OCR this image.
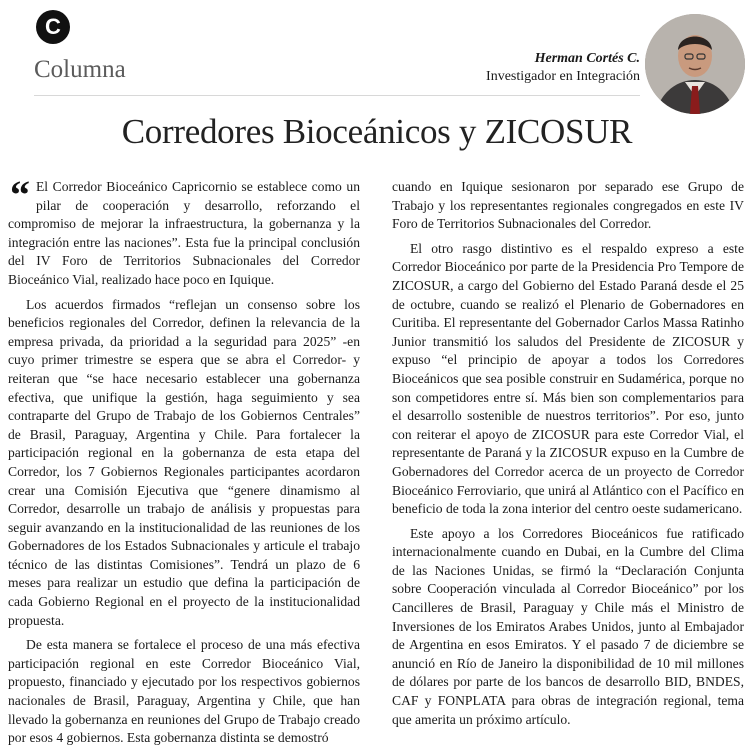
C
Columna	Herman Cortés C.
Investigador en Integración
Corredores Bioceánicos y ZICOSUR

“ El Corredor Bioceánico Capricornio se establece como un pilar de cooperación y desarrollo, reforzando el compromiso de mejorar la infraestructura, la gobernanza y la integración entre las naciones”. Esta fue la principal conclusión del IV Foro de Territorios Subnacionales del Corredor Bioceánico Vial, realizado hace poco en Iquique.

Los acuerdos firmados “reflejan un consenso sobre los beneficios regionales del Corredor, definen la relevancia de la empresa privada, da prioridad a la seguridad para 2025” -en cuyo primer trimestre se espera que se abra el Corredor- y reiteran que “se hace necesario establecer una gobernanza efectiva, que unifique la gestión, haga seguimiento y sea contraparte del Grupo de Trabajo de los Gobiernos Centrales” de Brasil, Paraguay, Argentina y Chile. Para fortalecer la participación regional en la gobernanza de esta etapa del Corredor, los 7 Gobiernos Regionales participantes acordaron crear una Comisión Ejecutiva que “genere dinamismo al Corredor, desarrolle un trabajo de análisis y propuestas para seguir avanzando en la institucionalidad de las reuniones de los Gobernadores de los Estados Subnacionales y articule el trabajo técnico de las distintas Comisiones”. Tendrá un plazo de 6 meses para realizar un estudio que defina la participación de cada Gobierno Regional en el proyecto de la institucionalidad propuesta.

De esta manera se fortalece el proceso de una más efectiva participación regional en este Corredor Bioceánico Vial, propuesto, financiado y ejecutado por los respectivos gobiernos nacionales de Brasil, Paraguay, Argentina y Chile, que han llevado la gobernanza en reuniones del Grupo de Trabajo creado por esos 4 gobiernos. Esta gobernanza distinta se demostró

cuando en Iquique sesionaron por separado ese Grupo de Trabajo y los representantes regionales congregados en este IV Foro de Territorios Subnacionales del Corredor.

El otro rasgo distintivo es el respaldo expreso a este Corredor Bioceánico por parte de la Presidencia Pro Tempore de ZICOSUR, a cargo del Gobierno del Estado Paraná desde el 25 de octubre, cuando se realizó el Plenario de Gobernadores en Curitiba. El representante del Gobernador Carlos Massa Ratinho Junior transmitió los saludos del Presidente de ZICOSUR y expuso “el principio de apoyar a todos los Corredores Bioceánicos que sea posible construir en Sudamérica, porque no son competidores entre sí. Más bien son complementarios para el desarrollo sostenible de nuestros territorios”. Por eso, junto con reiterar el apoyo de ZICOSUR para este Corredor Vial, el representante de Paraná y la ZICOSUR expuso en la Cumbre de Gobernadores del Corredor acerca de un proyecto de Corredor Bioceánico Ferroviario, que unirá al Atlántico con el Pacífico en beneficio de toda la zona interior del centro oeste sudamericano.

Este apoyo a los Corredores Bioceánicos fue ratificado internacionalmente cuando en Dubai, en la Cumbre del Clima de las Naciones Unidas, se firmó la “Declaración Conjunta sobre Cooperación vinculada al Corredor Bioceánico” por los Cancilleres de Brasil, Paraguay y Chile más el Ministro de Inversiones de los Emiratos Arabes Unidos, junto al Embajador de Argentina en esos Emiratos. Y el pasado 7 de diciembre se anunció en Río de Janeiro la disponibilidad de 10 mil millones de dólares por parte de los bancos de desarrollo BID, BNDES, CAF y FONPLATA para obras de integración regional, tema que amerita un próximo artículo.
